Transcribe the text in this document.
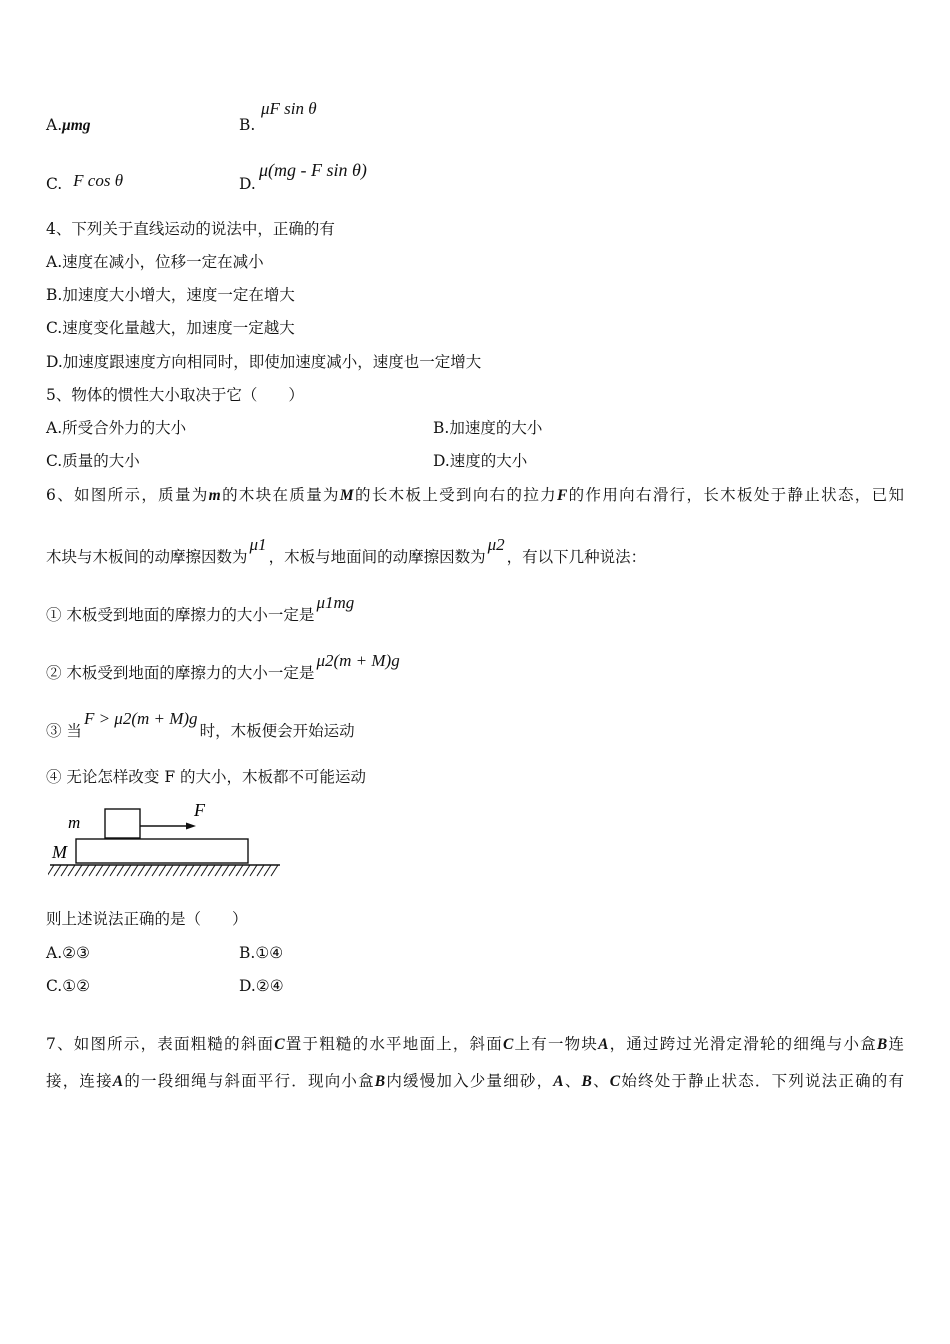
A.μmg	B.
μF sin θ
C. F cos θ	D.
μ(mg - F sin θ)
4、下列关于直线运动的说法中，正确的有
A.速度在减小，位移一定在减小
B.加速度大小增大，速度一定在增大
C.速度变化量越大，加速度一定越大
D.加速度跟速度方向相同时，即使加速度减小，速度也一定增大
5、物体的惯性大小取决于它（　　）
A.所受合外力的大小	B.加速度的大小
C.质量的大小	D.速度的大小
6、如图所示，质量为m的木块在质量为M的长木板上受到向右的拉力F的作用向右滑行，长木板处于静止状态，已知
木块与木板间的动摩擦因数为μ1，木板与地面间的动摩擦因数为μ2，有以下几种说法：
① 木板受到地面的摩擦力的大小一定是μ1mg
② 木板受到地面的摩擦力的大小一定是μ2(m + M)g
③ 当F > μ2(m + M)g时，木板便会开始运动
④ 无论怎样改变 F 的大小，木板都不可能运动
m
M
F
则上述说法正确的是（　　）
A.②③	B.①④
C.①②	D.②④
7、如图所示，表面粗糙的斜面C置于粗糙的水平地面上，斜面C上有一物块A，通过跨过光滑定滑轮的细绳与小盒B连
接，连接A的一段细绳与斜面平行．现向小盒B内缓慢加入少量细砂，A、B、C始终处于静止状态．下列说法正确的有
